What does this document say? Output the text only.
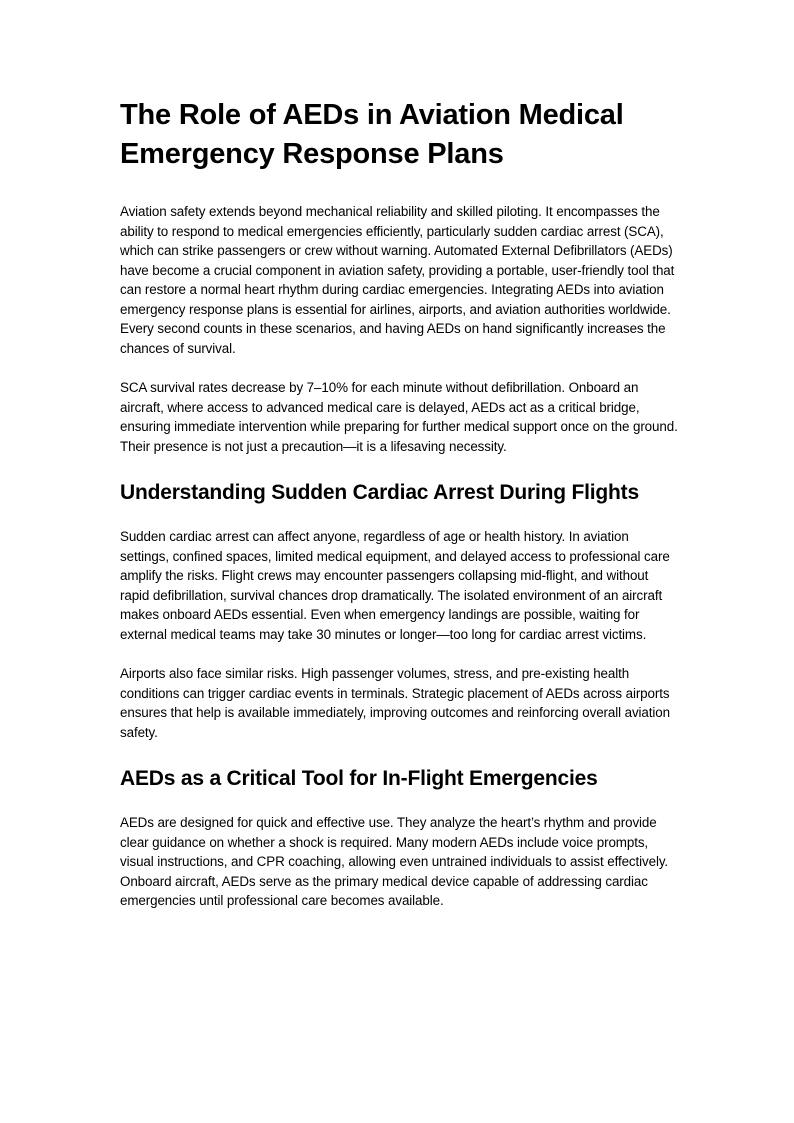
The Role of AEDs in Aviation Medical Emergency Response Plans

Aviation safety extends beyond mechanical reliability and skilled piloting. It encompasses the ability to respond to medical emergencies efficiently, particularly sudden cardiac arrest (SCA), which can strike passengers or crew without warning. Automated External Defibrillators (AEDs) have become a crucial component in aviation safety, providing a portable, user-friendly tool that can restore a normal heart rhythm during cardiac emergencies. Integrating AEDs into aviation emergency response plans is essential for airlines, airports, and aviation authorities worldwide. Every second counts in these scenarios, and having AEDs on hand significantly increases the chances of survival.

SCA survival rates decrease by 7–10% for each minute without defibrillation. Onboard an aircraft, where access to advanced medical care is delayed, AEDs act as a critical bridge, ensuring immediate intervention while preparing for further medical support once on the ground. Their presence is not just a precaution—it is a lifesaving necessity.

Understanding Sudden Cardiac Arrest During Flights

Sudden cardiac arrest can affect anyone, regardless of age or health history. In aviation settings, confined spaces, limited medical equipment, and delayed access to professional care amplify the risks. Flight crews may encounter passengers collapsing mid-flight, and without rapid defibrillation, survival chances drop dramatically. The isolated environment of an aircraft makes onboard AEDs essential. Even when emergency landings are possible, waiting for external medical teams may take 30 minutes or longer—too long for cardiac arrest victims.

Airports also face similar risks. High passenger volumes, stress, and pre-existing health conditions can trigger cardiac events in terminals. Strategic placement of AEDs across airports ensures that help is available immediately, improving outcomes and reinforcing overall aviation safety.

AEDs as a Critical Tool for In-Flight Emergencies

AEDs are designed for quick and effective use. They analyze the heart’s rhythm and provide clear guidance on whether a shock is required. Many modern AEDs include voice prompts, visual instructions, and CPR coaching, allowing even untrained individuals to assist effectively. Onboard aircraft, AEDs serve as the primary medical device capable of addressing cardiac emergencies until professional care becomes available.
